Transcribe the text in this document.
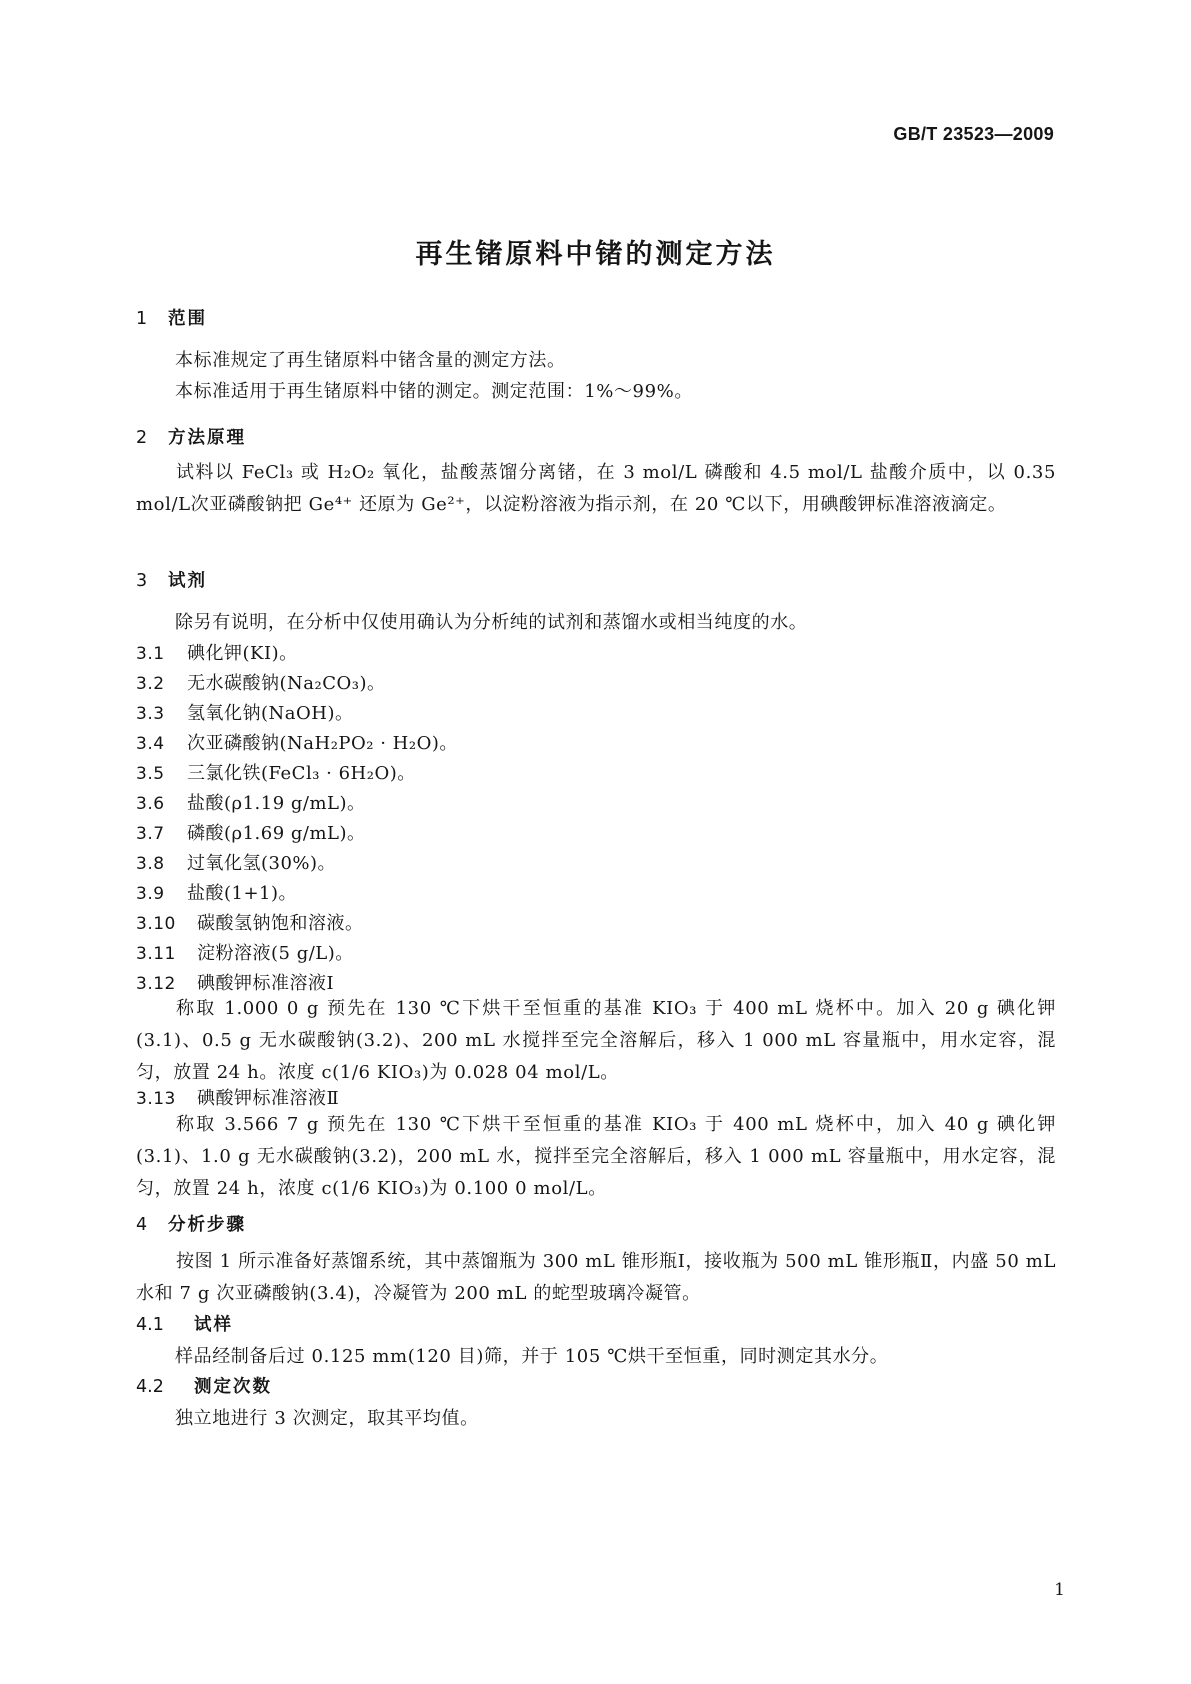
GB/T 23523—2009
再生锗原料中锗的测定方法
1 范围
本标准规定了再生锗原料中锗含量的测定方法。
本标准适用于再生锗原料中锗的测定。测定范围：1%～99%。
2 方法原理
试料以 FeCl₃ 或 H₂O₂ 氧化，盐酸蒸馏分离锗，在 3 mol/L 磷酸和 4.5 mol/L 盐酸介质中，以 0.35 mol/L次亚磷酸钠把 Ge⁴⁺ 还原为 Ge²⁺，以淀粉溶液为指示剂，在 20 ℃以下，用碘酸钾标准溶液滴定。
3 试剂
除另有说明，在分析中仅使用确认为分析纯的试剂和蒸馏水或相当纯度的水。
3.1 碘化钾(KI)。
3.2 无水碳酸钠(Na₂CO₃)。
3.3 氢氧化钠(NaOH)。
3.4 次亚磷酸钠(NaH₂PO₂ · H₂O)。
3.5 三氯化铁(FeCl₃ · 6H₂O)。
3.6 盐酸(ρ1.19 g/mL)。
3.7 磷酸(ρ1.69 g/mL)。
3.8 过氧化氢(30%)。
3.9 盐酸(1+1)。
3.10 碳酸氢钠饱和溶液。
3.11 淀粉溶液(5 g/L)。
3.12 碘酸钾标准溶液Ⅰ
称取 1.000 0 g 预先在 130 ℃下烘干至恒重的基准 KIO₃ 于 400 mL 烧杯中。加入 20 g 碘化钾(3.1)、0.5 g 无水碳酸钠(3.2)、200 mL 水搅拌至完全溶解后，移入 1 000 mL 容量瓶中，用水定容，混匀，放置 24 h。浓度 c(1/6 KIO₃)为 0.028 04 mol/L。
3.13 碘酸钾标准溶液Ⅱ
称取 3.566 7 g 预先在 130 ℃下烘干至恒重的基准 KIO₃ 于 400 mL 烧杯中，加入 40 g 碘化钾(3.1)、1.0 g 无水碳酸钠(3.2)，200 mL 水，搅拌至完全溶解后，移入 1 000 mL 容量瓶中，用水定容，混匀，放置 24 h，浓度 c(1/6 KIO₃)为 0.100 0 mol/L。
4 分析步骤
按图 1 所示准备好蒸馏系统，其中蒸馏瓶为 300 mL 锥形瓶Ⅰ，接收瓶为 500 mL 锥形瓶Ⅱ，内盛 50 mL水和 7 g 次亚磷酸钠(3.4)，冷凝管为 200 mL 的蛇型玻璃冷凝管。
4.1 试样
样品经制备后过 0.125 mm(120 目)筛，并于 105 ℃烘干至恒重，同时测定其水分。
4.2 测定次数
独立地进行 3 次测定，取其平均值。
1
